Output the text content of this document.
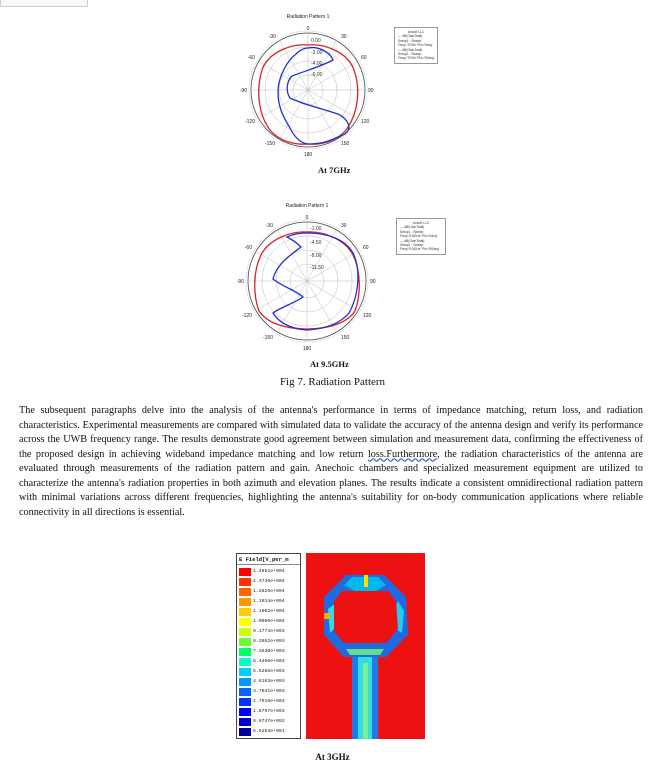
Radiation Pattern 1
0
30
60
90
120
150
180
-150
-120
-90
-60
-30
0.00
-2.00
-4.00
-6.00
Ansoft LLC
— dB(GainTotal)
Setup1 : Sweep
Freq='7GHz' Phi='0deg'
— dB(GainTotal)
Setup1 : Sweep
Freq='7GHz' Phi='90deg'
At 7GHz
Radiation Pattern 1
0
30
60
90
120
150
180
-150
-120
-90
-60
-30	-1.00
-4.50
-8.00
-11.50
Ansoft LLC
— dB(GainTotal)
Setup1 : Sweep
Freq='9.5GHz' Phi='0deg'
— dB(GainTotal)
Setup1 : Sweep
Freq='9.5GHz' Phi='90deg'
At 9.5GHz
Fig 7. Radiation Pattern

The subsequent paragraphs delve into the analysis of the antenna's performance in terms of impedance matching, return loss, and radiation characteristics. Experimental measurements are compared with simulated data to validate the accuracy of the antenna design and verify its performance across the UWB frequency range. The results demonstrate good agreement between simulation and measurement data, confirming the effectiveness of the proposed design in achieving wideband impedance matching and low return loss.Furthermore, the radiation characteristics of the antenna are evaluated through measurements of the radiation pattern and gain. Anechoic chambers and specialized measurement equipment are utilized to characterize the antenna's radiation properties in both azimuth and elevation planes. The results indicate a consistent omnidirectional radiation pattern with minimal variations across different frequencies, highlighting the antenna's suitability for on-body communication applications where reliable connectivity in all directions is essential.

E Field[V_per_m
1.4651e+004
1.3739e+004
1.2826e+004
1.1914e+004
1.1002e+004
1.0090e+004
9.1774e+003
8.2652e+003
7.3530e+003
6.4408e+003
5.5286e+003
4.6163e+003
3.7041e+003
2.7919e+003
1.8797e+003
9.6747e+002
5.5253e+001
At 3GHz
